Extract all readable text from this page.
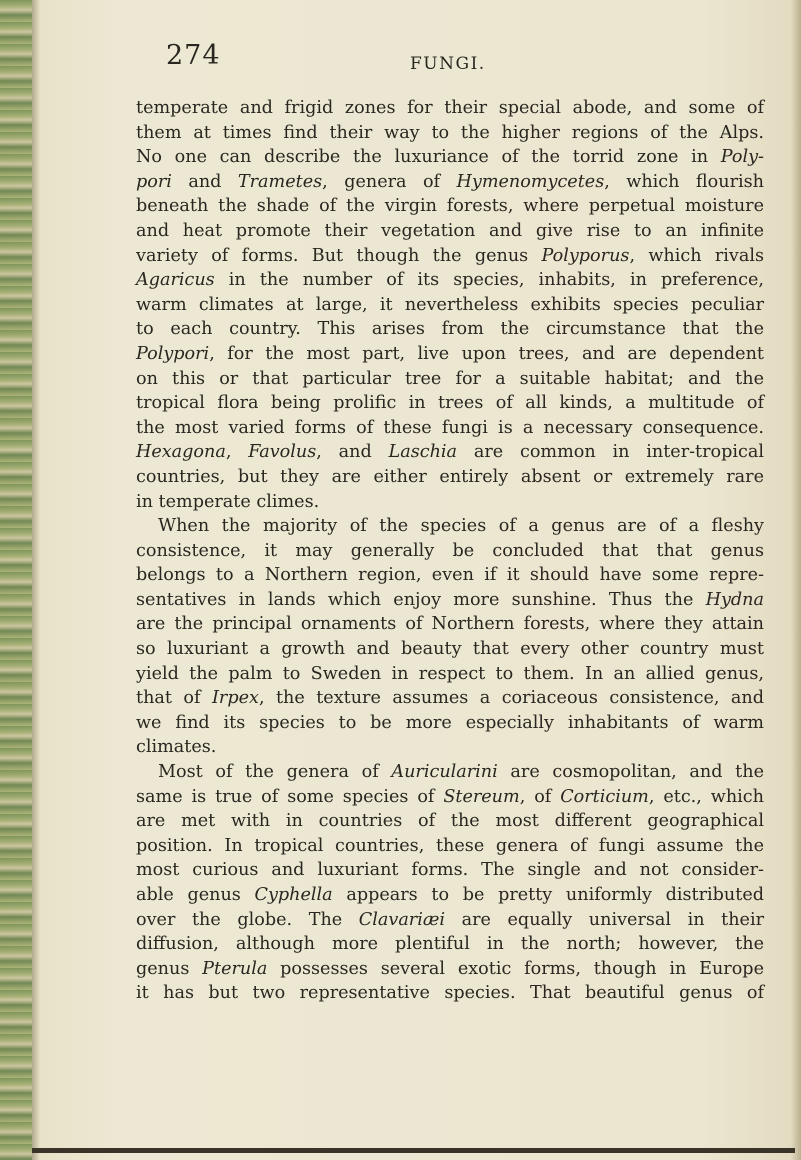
274	FUNGI.
temperate and frigid zones for their special abode, and some of
them at times find their way to the higher regions of the Alps.
No one can describe the luxuriance of the torrid zone in Poly-
pori and Trametes, genera of Hymenomycetes, which flourish
beneath the shade of the virgin forests, where perpetual moisture
and heat promote their vegetation and give rise to an infinite
variety of forms. But though the genus Polyporus, which rivals
Agaricus in the number of its species, inhabits, in preference,
warm climates at large, it nevertheless exhibits species peculiar
to each country. This arises from the circumstance that the
Polypori, for the most part, live upon trees, and are dependent
on this or that particular tree for a suitable habitat; and the
tropical flora being prolific in trees of all kinds, a multitude of
the most varied forms of these fungi is a necessary consequence.
Hexagona, Favolus, and Laschia are common in inter-tropical
countries, but they are either entirely absent or extremely rare
in temperate climes.
When the majority of the species of a genus are of a fleshy
consistence, it may generally be concluded that that genus
belongs to a Northern region, even if it should have some repre-
sentatives in lands which enjoy more sunshine. Thus the Hydna
are the principal ornaments of Northern forests, where they attain
so luxuriant a growth and beauty that every other country must
yield the palm to Sweden in respect to them. In an allied genus,
that of Irpex, the texture assumes a coriaceous consistence, and
we find its species to be more especially inhabitants of warm
climates.
Most of the genera of Auricularini are cosmopolitan, and the
same is true of some species of Stereum, of Corticium, etc., which
are met with in countries of the most different geographical
position. In tropical countries, these genera of fungi assume the
most curious and luxuriant forms. The single and not consider-
able genus Cyphella appears to be pretty uniformly distributed
over the globe. The Clavariæi are equally universal in their
diffusion, although more plentiful in the north; however, the
genus Pterula possesses several exotic forms, though in Europe
it has but two representative species. That beautiful genus of
